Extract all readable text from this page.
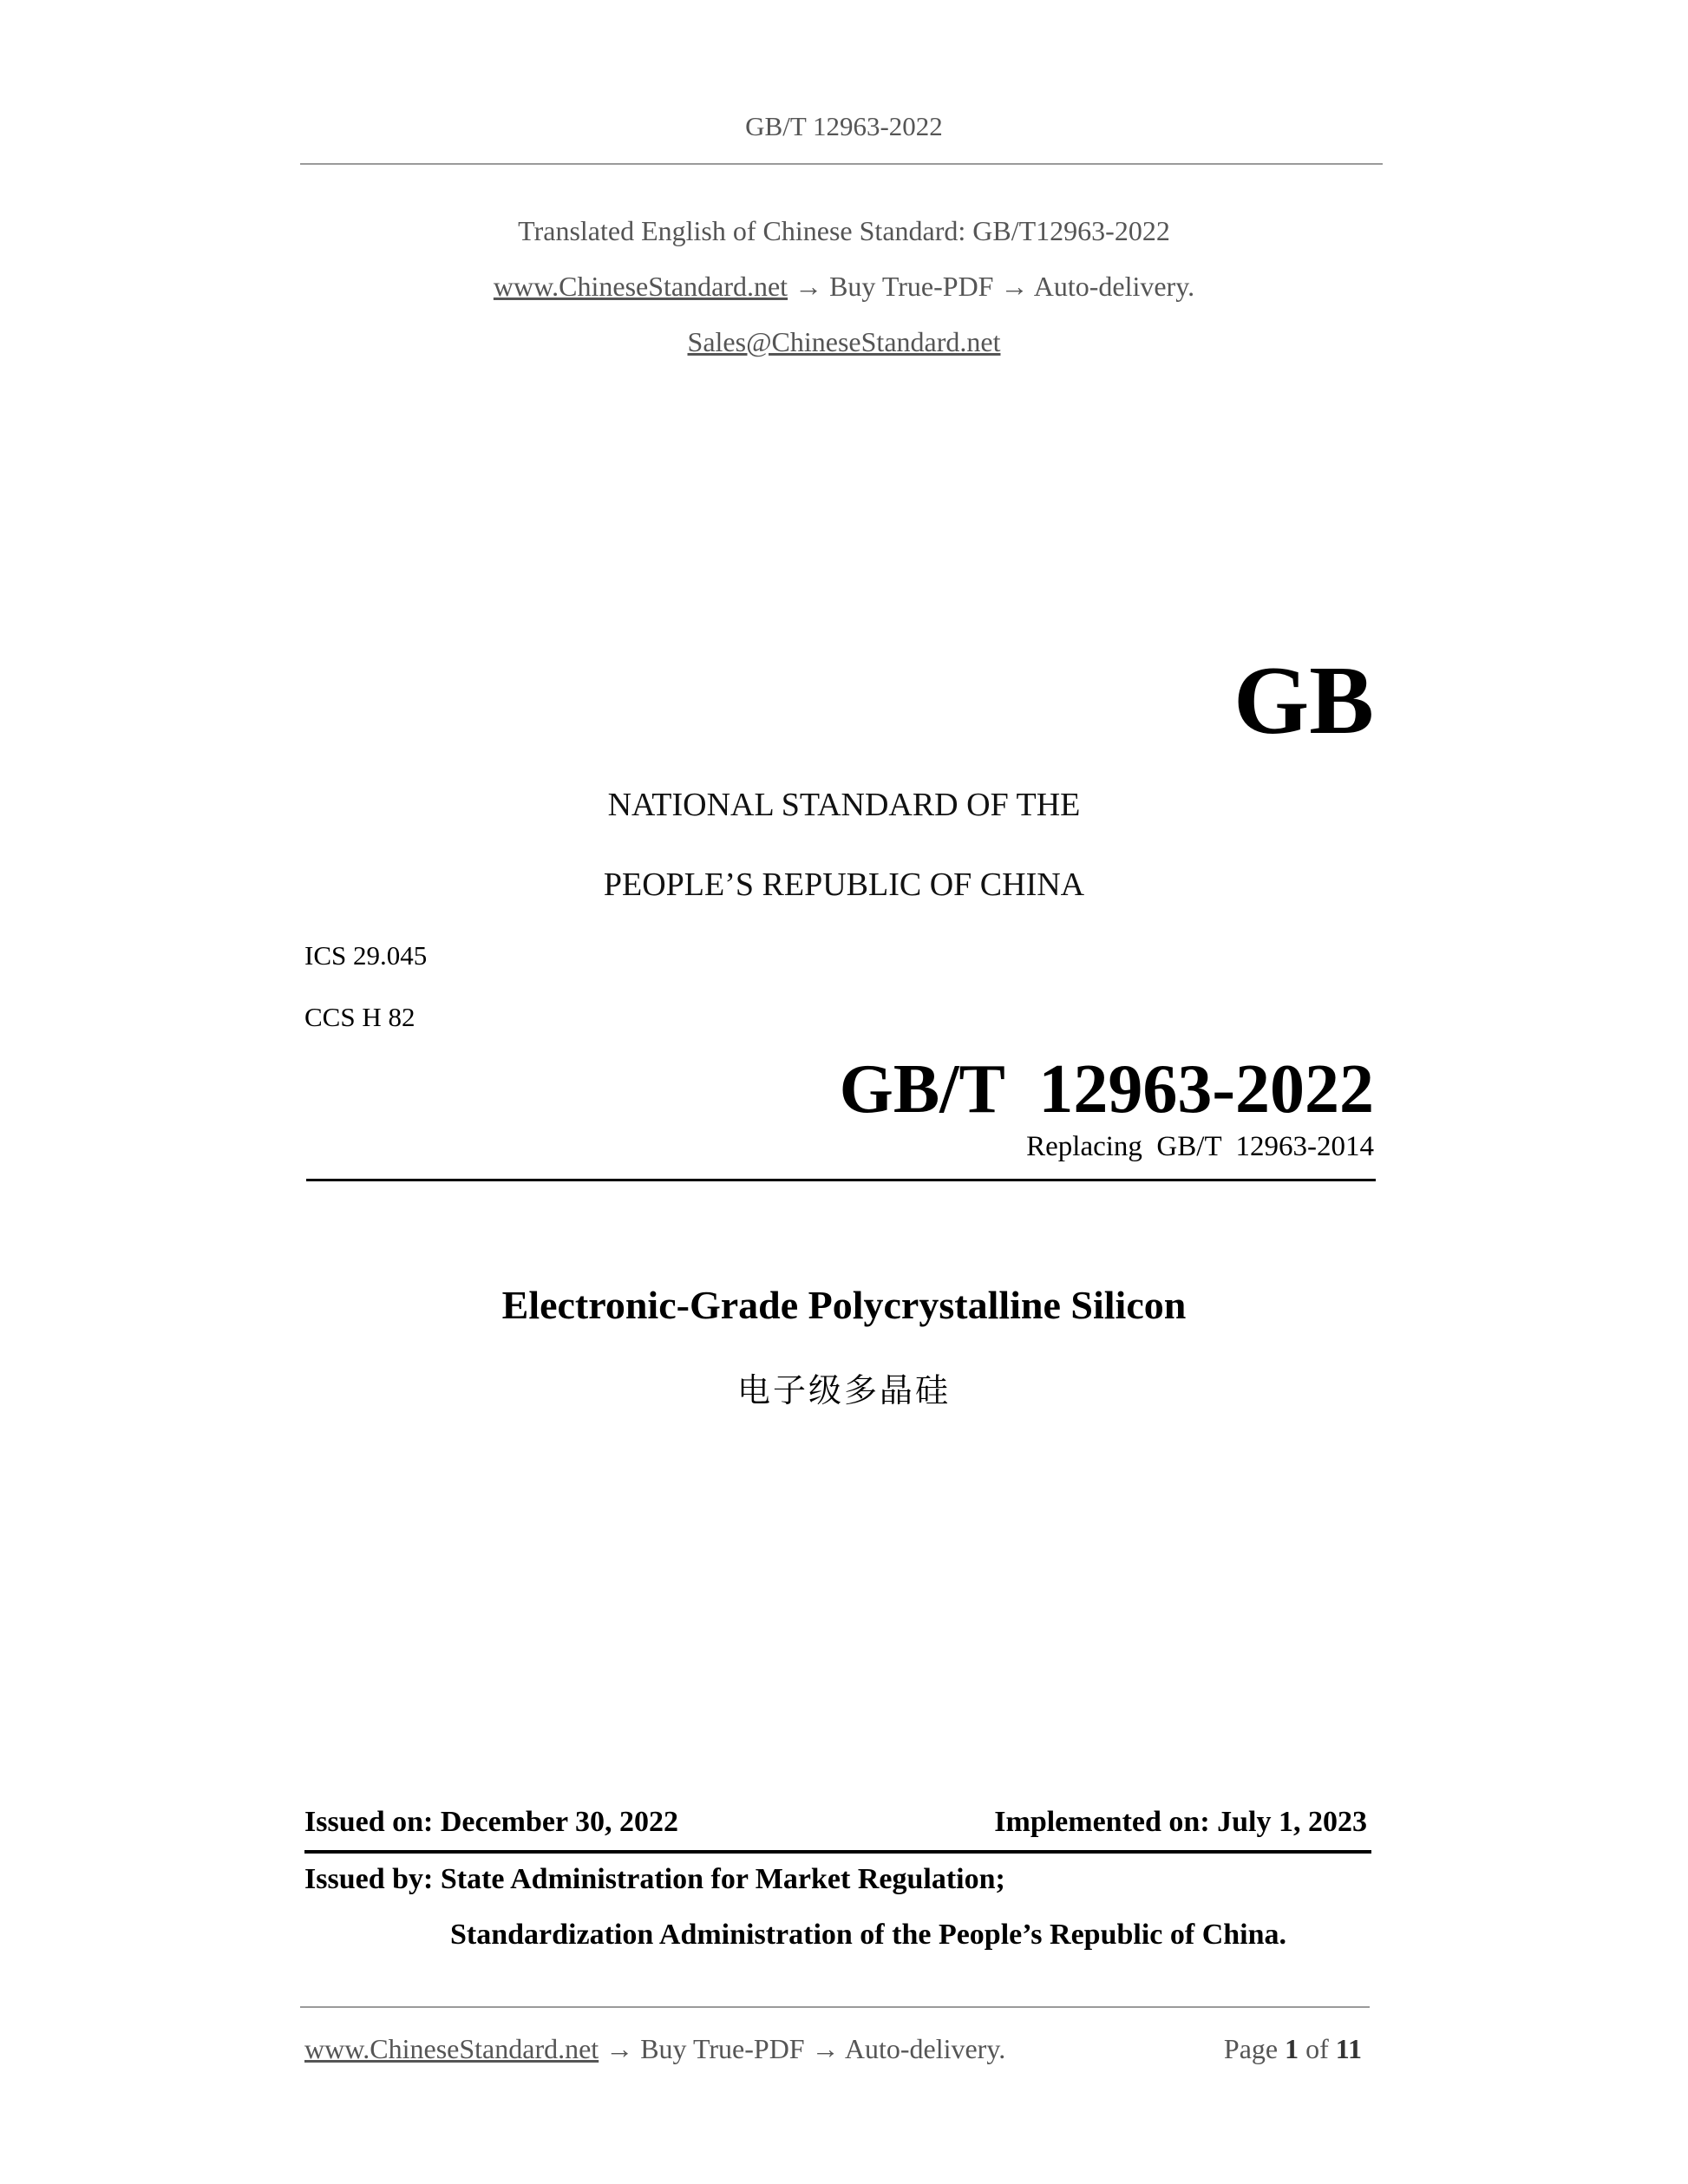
GB/T 12963-2022
Translated English of Chinese Standard: GB/T12963-2022
www.ChineseStandard.net → Buy True-PDF → Auto-delivery.
Sales@ChineseStandard.net
GB
NATIONAL STANDARD OF THE
PEOPLE’S REPUBLIC OF CHINA
ICS 29.045
CCS H 82
GB/T  12963-2022
Replacing  GB/T  12963-2014
Electronic-Grade Polycrystalline Silicon
电子级多晶硅
Issued on: December 30, 2022	Implemented on: July 1, 2023
Issued by: State Administration for Market Regulation;
Standardization Administration of the People’s Republic of China.
www.ChineseStandard.net → Buy True-PDF → Auto-delivery.	Page 1 of 11
